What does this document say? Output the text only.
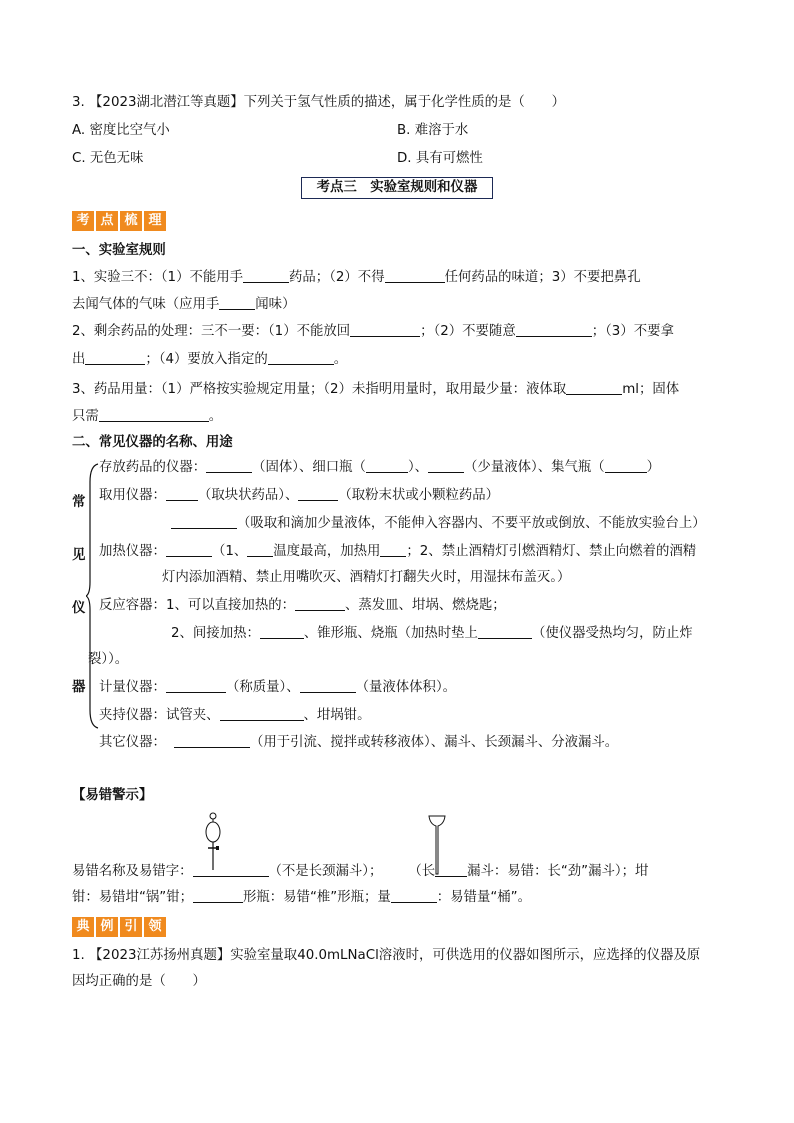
3. 【2023湖北潜江等真题】下列关于氢气性质的描述，属于化学性质的是（　　）
A. 密度比空气小	B. 难溶于水
C. 无色无味	D. 具有可燃性
考点三　实验室规则和仪器
考 点 梳 理
一、实验室规则
1、实验三不：（1）不能用手	药品；（2）不得	任何药品的味道；3）不要把鼻孔
去闻气体的气味（应用手	闻味）
2、剩余药品的处理：三不一要：（1）不能放回	；（2）不要随意	；（3）不要拿
出	；（4）要放入指定的	。
3、药品用量：（1）严格按实验规定用量；（2）未指明用量时，取用最少量：液体取	ml；固体
只需	。
二、常见仪器的名称、用途
常
见
仪
器
存放药品的仪器：	（固体）、细口瓶（	）、	（少量液体）、集气瓶（	）
取用仪器： （取块状药品）、	（取粉末状或小颗粒药品）
（吸取和滴加少量液体，不能伸入容器内、不要平放或倒放、不能放实验台上）
加热仪器：	（1、 温度最高，加热用 ；2、禁止酒精灯引燃酒精灯、禁止向燃着的酒精
灯内添加酒精、禁止用嘴吹灭、酒精灯打翻失火时，用湿抹布盖灭。）
反应容器：1、可以直接加热的：	、蒸发皿、坩埚、燃烧匙；
2、间接加热：	、锥形瓶、烧瓶（加热时垫上	（使仪器受热均匀，防止炸
裂））。
计量仪器：	（称质量）、	（量液体体积）。
夹持仪器：试管夹、	、坩埚钳。
其它仪器：	（用于引流、搅拌或转移液体）、漏斗、长颈漏斗、分液漏斗。
【易错警示】
易错名称及易错字：	（不是长颈漏斗）； （长 漏斗：易错：长“劲”漏斗）；坩
钳：易错坩“锅”钳；	形瓶：易错“椎”形瓶；量	：易错量“桶”。
典 例 引 领
1. 【2023江苏扬州真题】实验室量取40.0mLNaCl溶液时，可供选用的仪器如图所示，应选择的仪器及原
因均正确的是（　　）
